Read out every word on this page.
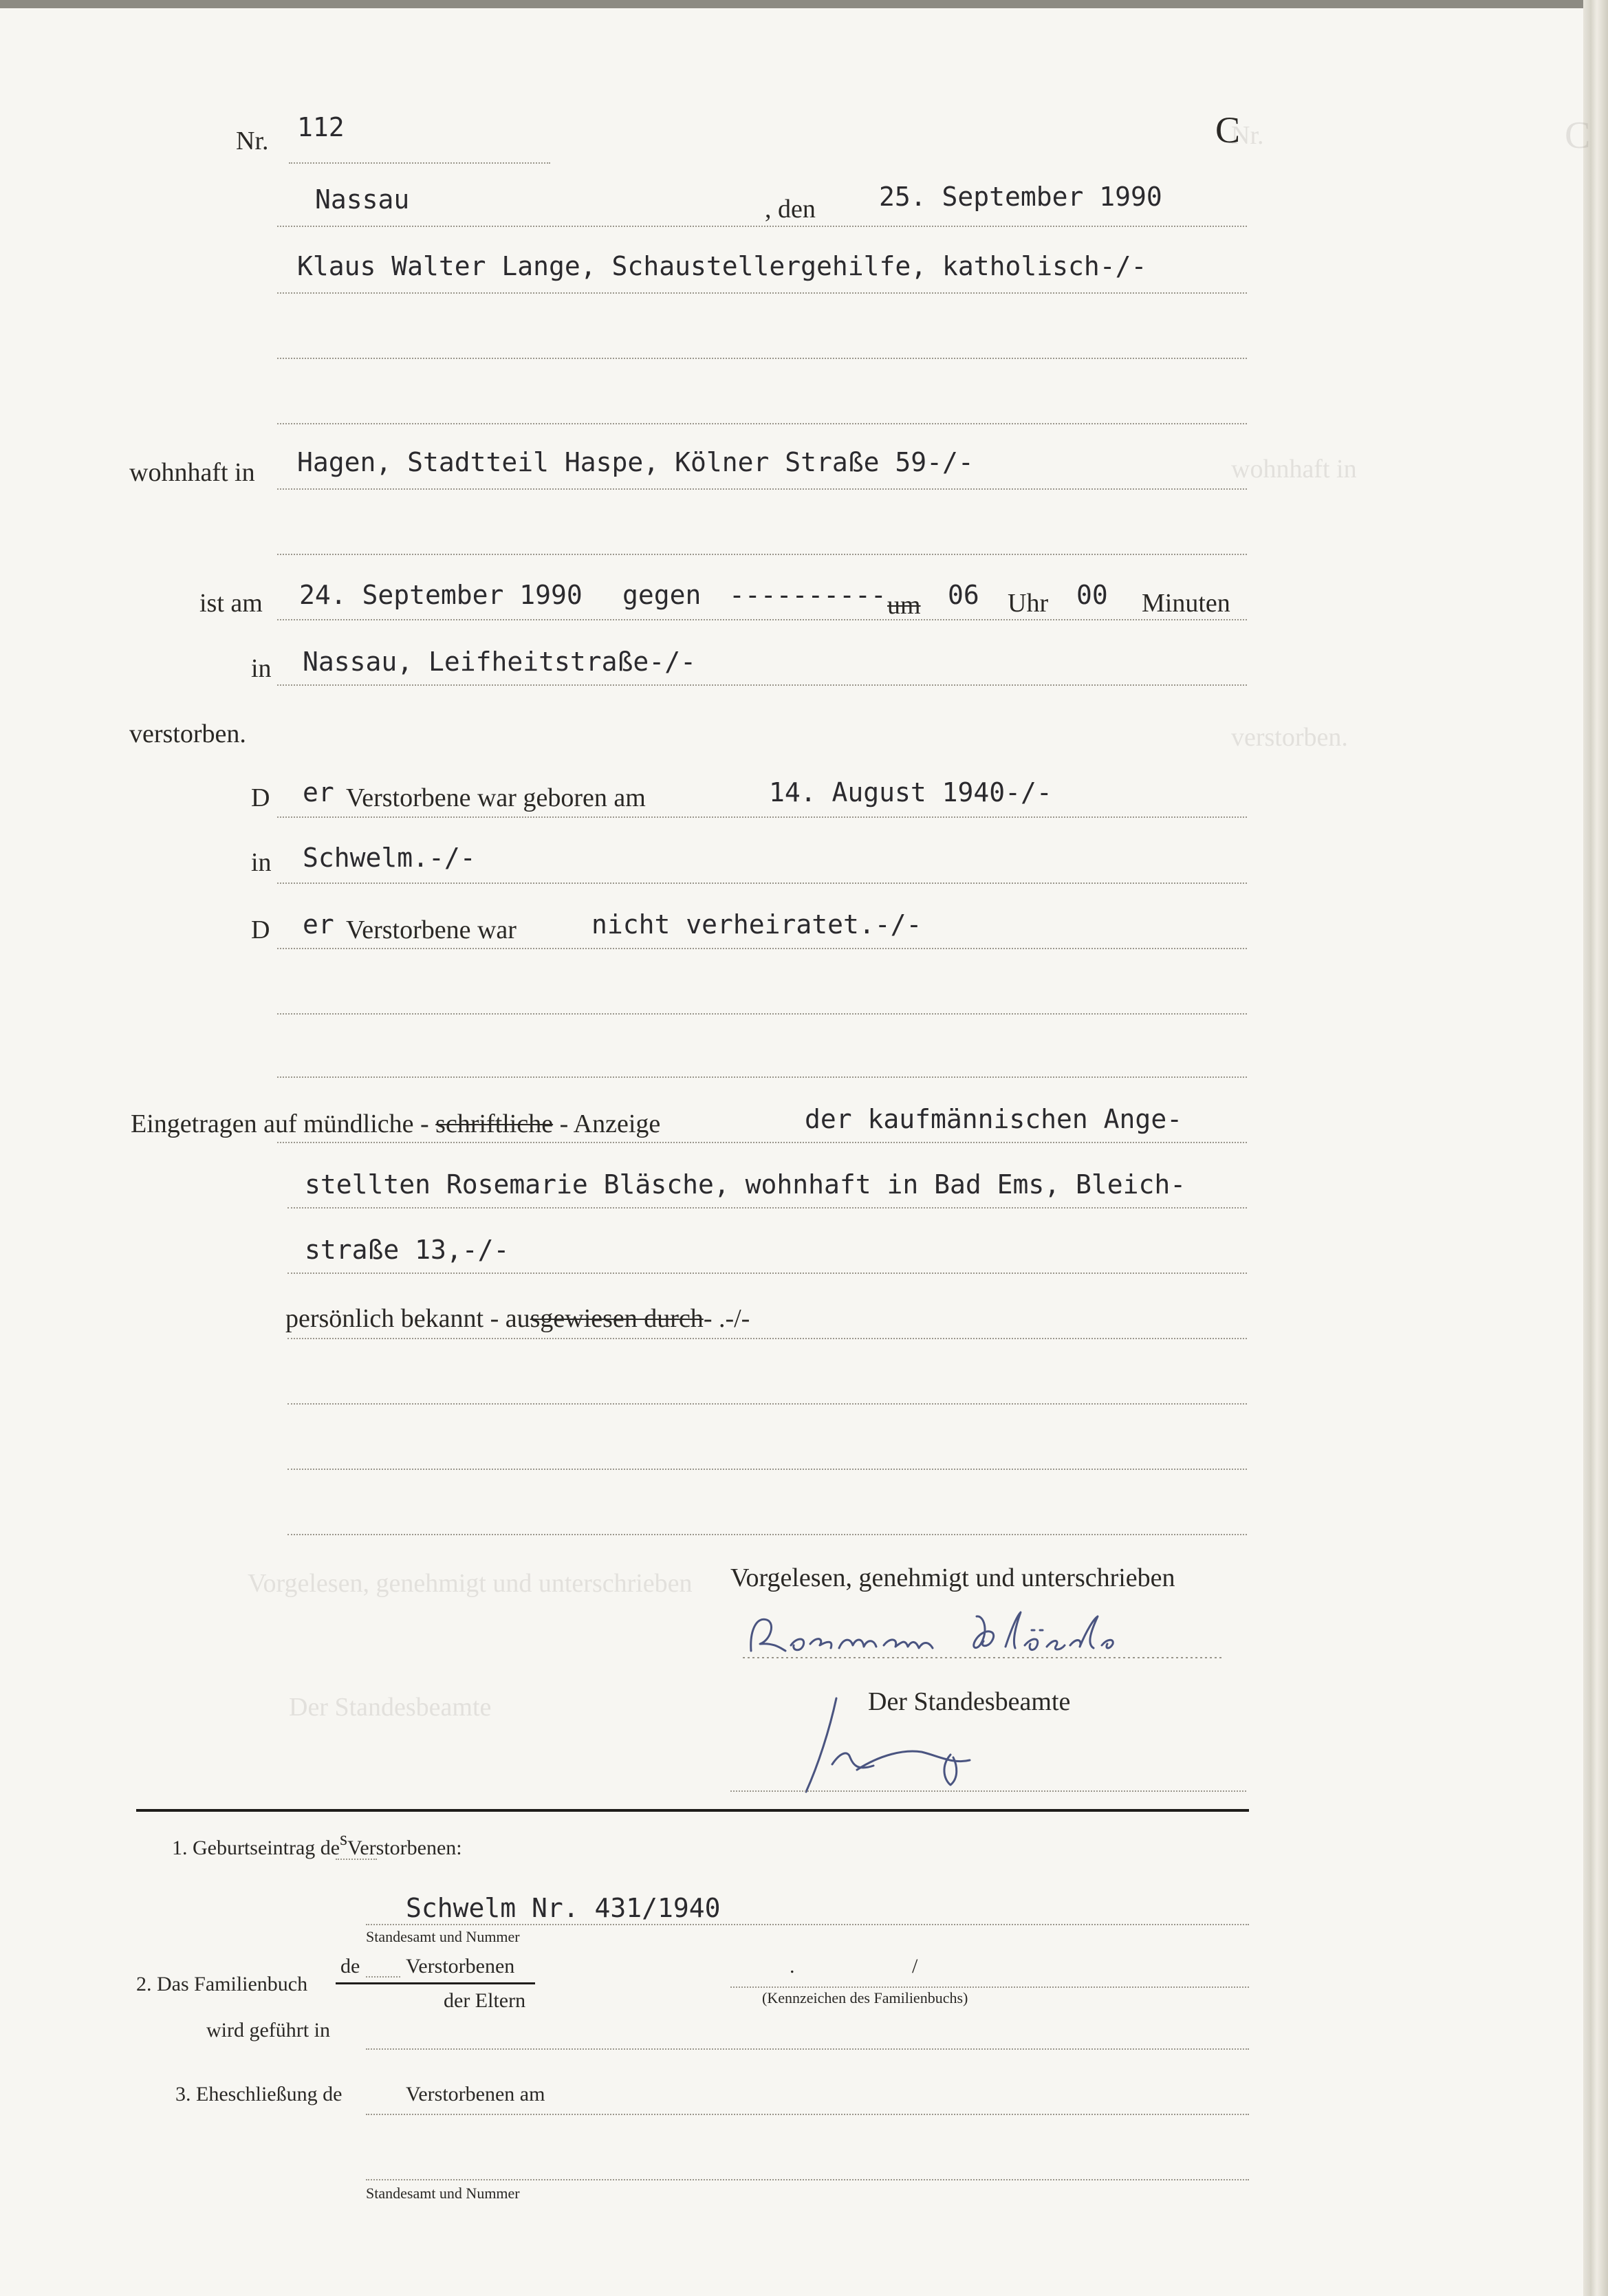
Nr.	C
wohnhaft in
verstorben.
Vorgelesen, genehmigt und unterschrieben
Der Standesbeamte
Nr. 112	C
Nassau	, den 25. September 1990
Klaus Walter Lange, Schaustellergehilfe, katholisch-/-
wohnhaft in Hagen, Stadtteil Haspe, Kölner Straße 59-/-
ist am 24. September 1990 gegen ---------- um 06 Uhr 00 Minuten
in Nassau, Leifheitstraße-/-
verstorben.
D er Verstorbene war geboren am	14. August 1940-/-
in Schwelm.-/-
D er Verstorbene war	nicht verheiratet.-/-
Eingetragen auf mündliche - schriftliche - Anzeige	der kaufmännischen Ange-
stellten Rosemarie Bläsche, wohnhaft in Bad Ems, Bleich-
straße 13,-/-
persönlich bekannt - ausgewiesen durch- .-/-
Vorgelesen, genehmigt und unterschrieben
Der Standesbeamte
1. Geburtseintrag desVerstorbenen:
Schwelm Nr. 431/1940
Standesamt und Nummer
2. Das Familienbuch
de Verstorbenen
der Eltern
.	/
(Kennzeichen des Familienbuchs)
wird geführt in
3. Eheschließung de	Verstorbenen am
Standesamt und Nummer
